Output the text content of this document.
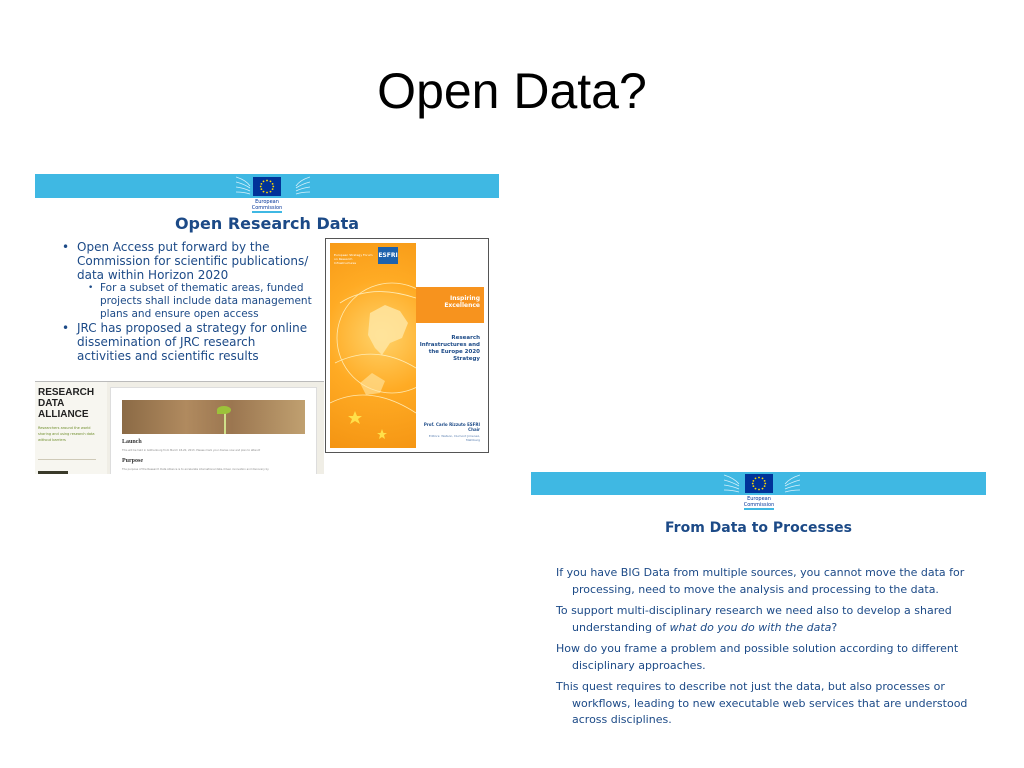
Open Data?
European Commission
Open Research Data
• Open Access put forward by the Commission for scientific publications/ data within Horizon 2020
• For a subset of thematic areas, funded projects shall include data management plans and ensure open access
• JRC has proposed a strategy for online dissemination of JRC research activities and scientific results
European Strategy Forum on Research Infrastructures
ESFRI
Inspiring Excellence
Research Infrastructures and the Europe 2020 Strategy
Prof. Carlo Rizzuto ESFRI Chair
Editors: Watson, Dumont Jimenez, Mahlberg
RESEARCH DATA ALLIANCE
Researchers around the world sharing and using research data without barriers	Launch
This will be held in Gothenburg from March 18-20, 2013. Please mark your diaries now and plan to attend!
Purpose
The purpose of the Research Data Alliance is to accelerate international data-driven innovation and discovery by
European Commission
From Data to Processes

If you have BIG Data from multiple sources, you cannot move the data for processing, need to move the analysis and processing to the data.

To support multi-disciplinary research we need also to develop a shared understanding of what do you do with the data?

How do you frame a problem and possible solution according to different disciplinary approaches.

This quest requires to describe not just the data, but also processes or workflows, leading to new executable web services that are understood across disciplines.
